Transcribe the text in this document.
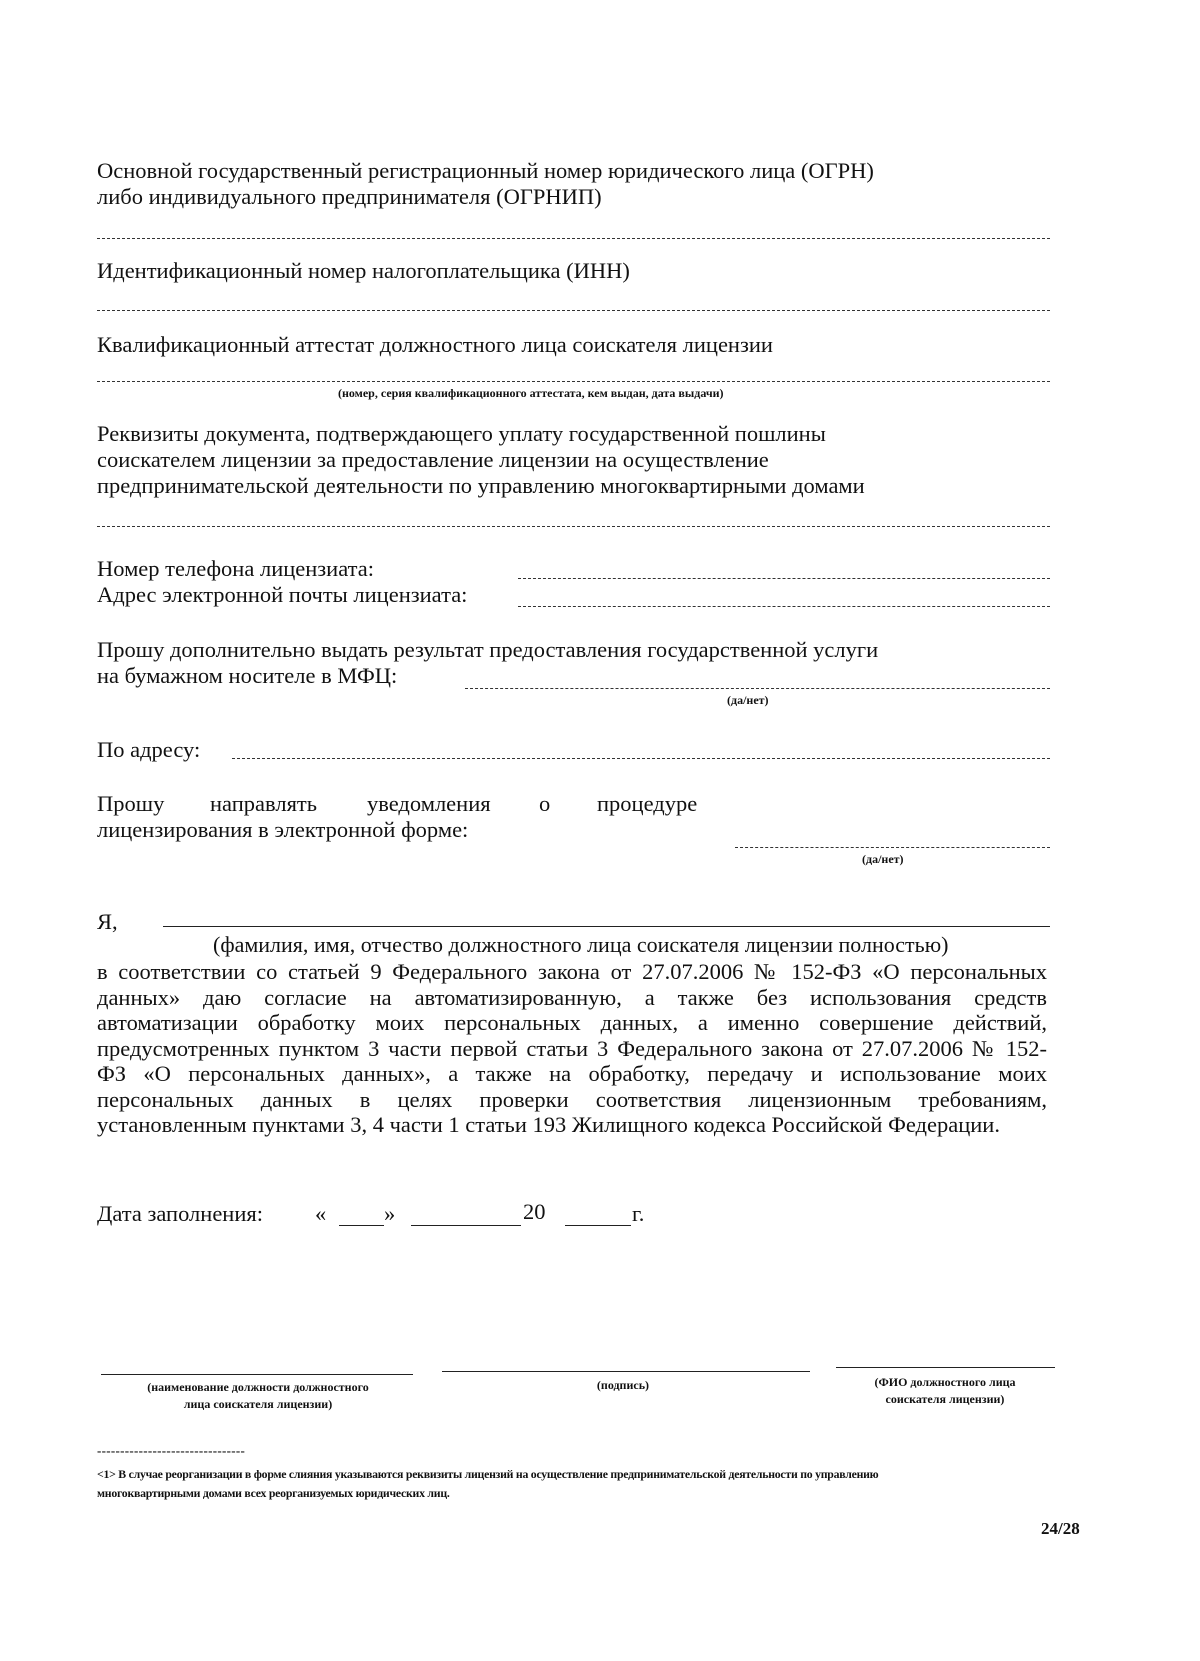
Основной государственный регистрационный номер юридического лица (ОГРН)
либо индивидуального предпринимателя (ОГРНИП)
Идентификационный номер налогоплательщика (ИНН)
Квалификационный аттестат должностного лица соискателя лицензии
(номер, серия квалификационного аттестата, кем выдан, дата выдачи)
Реквизиты документа, подтверждающего уплату государственной пошлины
соискателем лицензии за предоставление лицензии на осуществление
предпринимательской деятельности по управлению многоквартирными домами
Номер телефона лицензиата:
Адрес электронной почты лицензиата:
Прошу дополнительно выдать результат предоставления государственной услуги
на бумажном носителе в МФЦ:
(да/нет)
По адресу:
Прошу направлять уведомления о процедуре
лицензирования в электронной форме:
(да/нет)
Я,
(фамилия, имя, отчество должностного лица соискателя лицензии полностью)
в соответствии со статьей 9 Федерального закона от 27.07.2006 № 152-ФЗ «О персональных
данных» даю согласие на автоматизированную, а также без использования средств
автоматизации обработку моих персональных данных, а именно совершение действий,
предусмотренных пунктом 3 части первой статьи 3 Федерального закона от 27.07.2006 № 152-
ФЗ «О персональных данных», а также на обработку, передачу и использование моих
персональных данных в целях проверки соответствия лицензионным требованиям,
установленным пунктами 3, 4 части 1 статьи 193 Жилищного кодекса Российской Федерации.
Дата заполнения: «	»	20	г.
(наименование должности должностного
лица соискателя лицензии)
(подпись)	(ФИО должностного лица
соискателя лицензии)
--------------------------------
<1> В случае реорганизации в форме слияния указываются реквизиты лицензий на осуществление предпринимательской деятельности по управлению
многоквартирными домами всех реорганизуемых юридических лиц.
24/28
